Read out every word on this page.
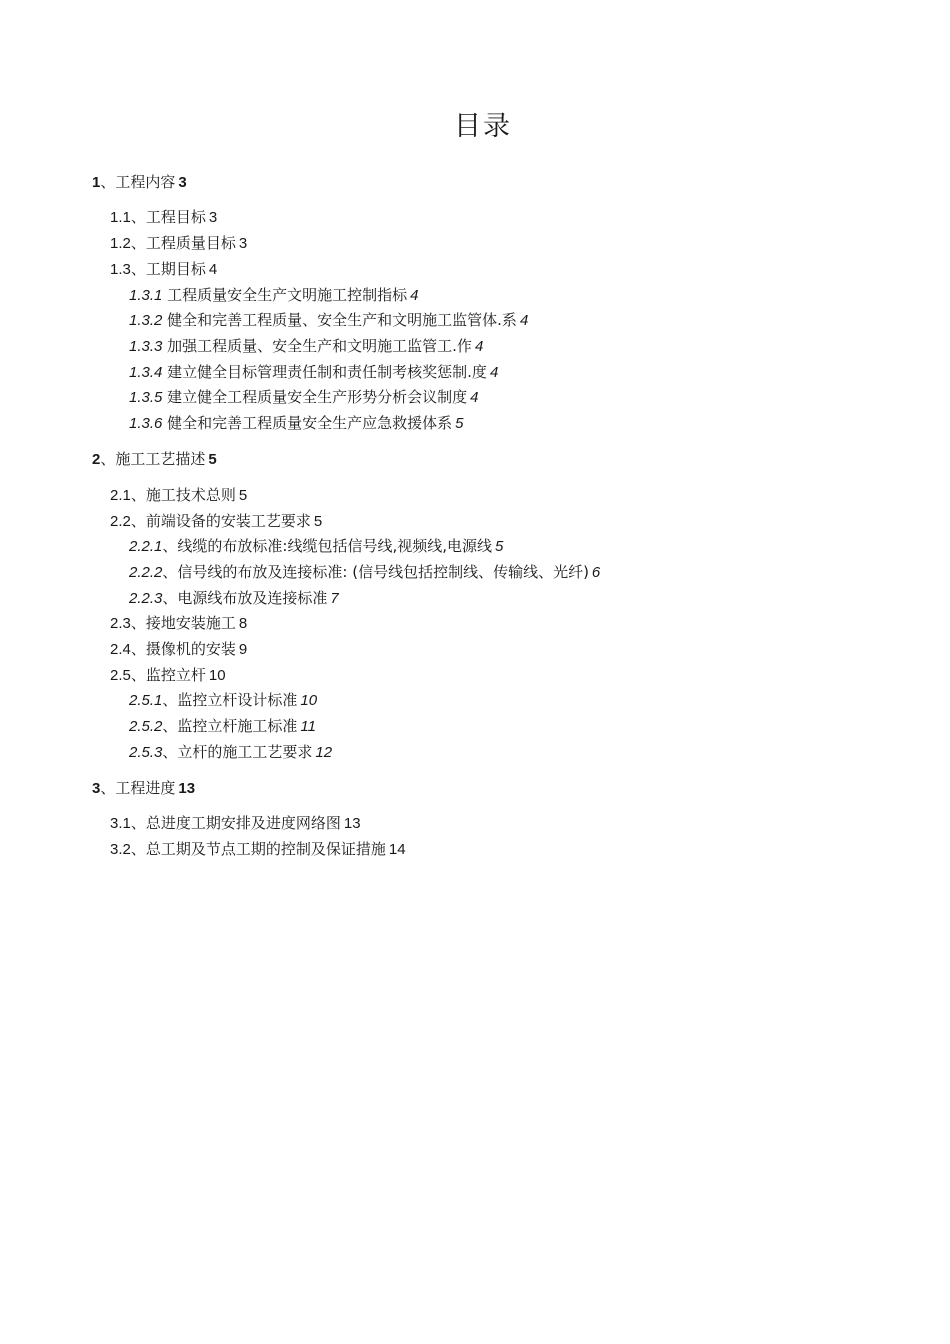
目录
1、工程内容 3
1.1、工程目标 3
1.2、工程质量目标 3
1.3、工期目标 4
1.3.1 工程质量安全生产文明施工控制指标 4
1.3.2 健全和完善工程质量、安全生产和文明施工监管体.系 4
1.3.3 加强工程质量、安全生产和文明施工监管工.作 4
1.3.4 建立健全目标管理责任制和责任制考核奖惩制.度 4
1.3.5 建立健全工程质量安全生产形势分析会议制度 4
1.3.6 健全和完善工程质量安全生产应急救援体系 5
2、施工工艺描述 5
2.1、施工技术总则 5
2.2、前端设备的安装工艺要求 5
2.2.1、线缆的布放标准:线缆包括信号线,视频线,电源线 5
2.2.2、信号线的布放及连接标准: (信号线包括控制线、传输线、光纤) 6
2.2.3、电源线布放及连接标准 7
2.3、接地安装施工 8
2.4、摄像机的安装 9
2.5、监控立杆 10
2.5.1、监控立杆设计标准 10
2.5.2、监控立杆施工标准 11
2.5.3、立杆的施工工艺要求 12
3、工程进度 13
3.1、总进度工期安排及进度网络图 13
3.2、总工期及节点工期的控制及保证措施 14
